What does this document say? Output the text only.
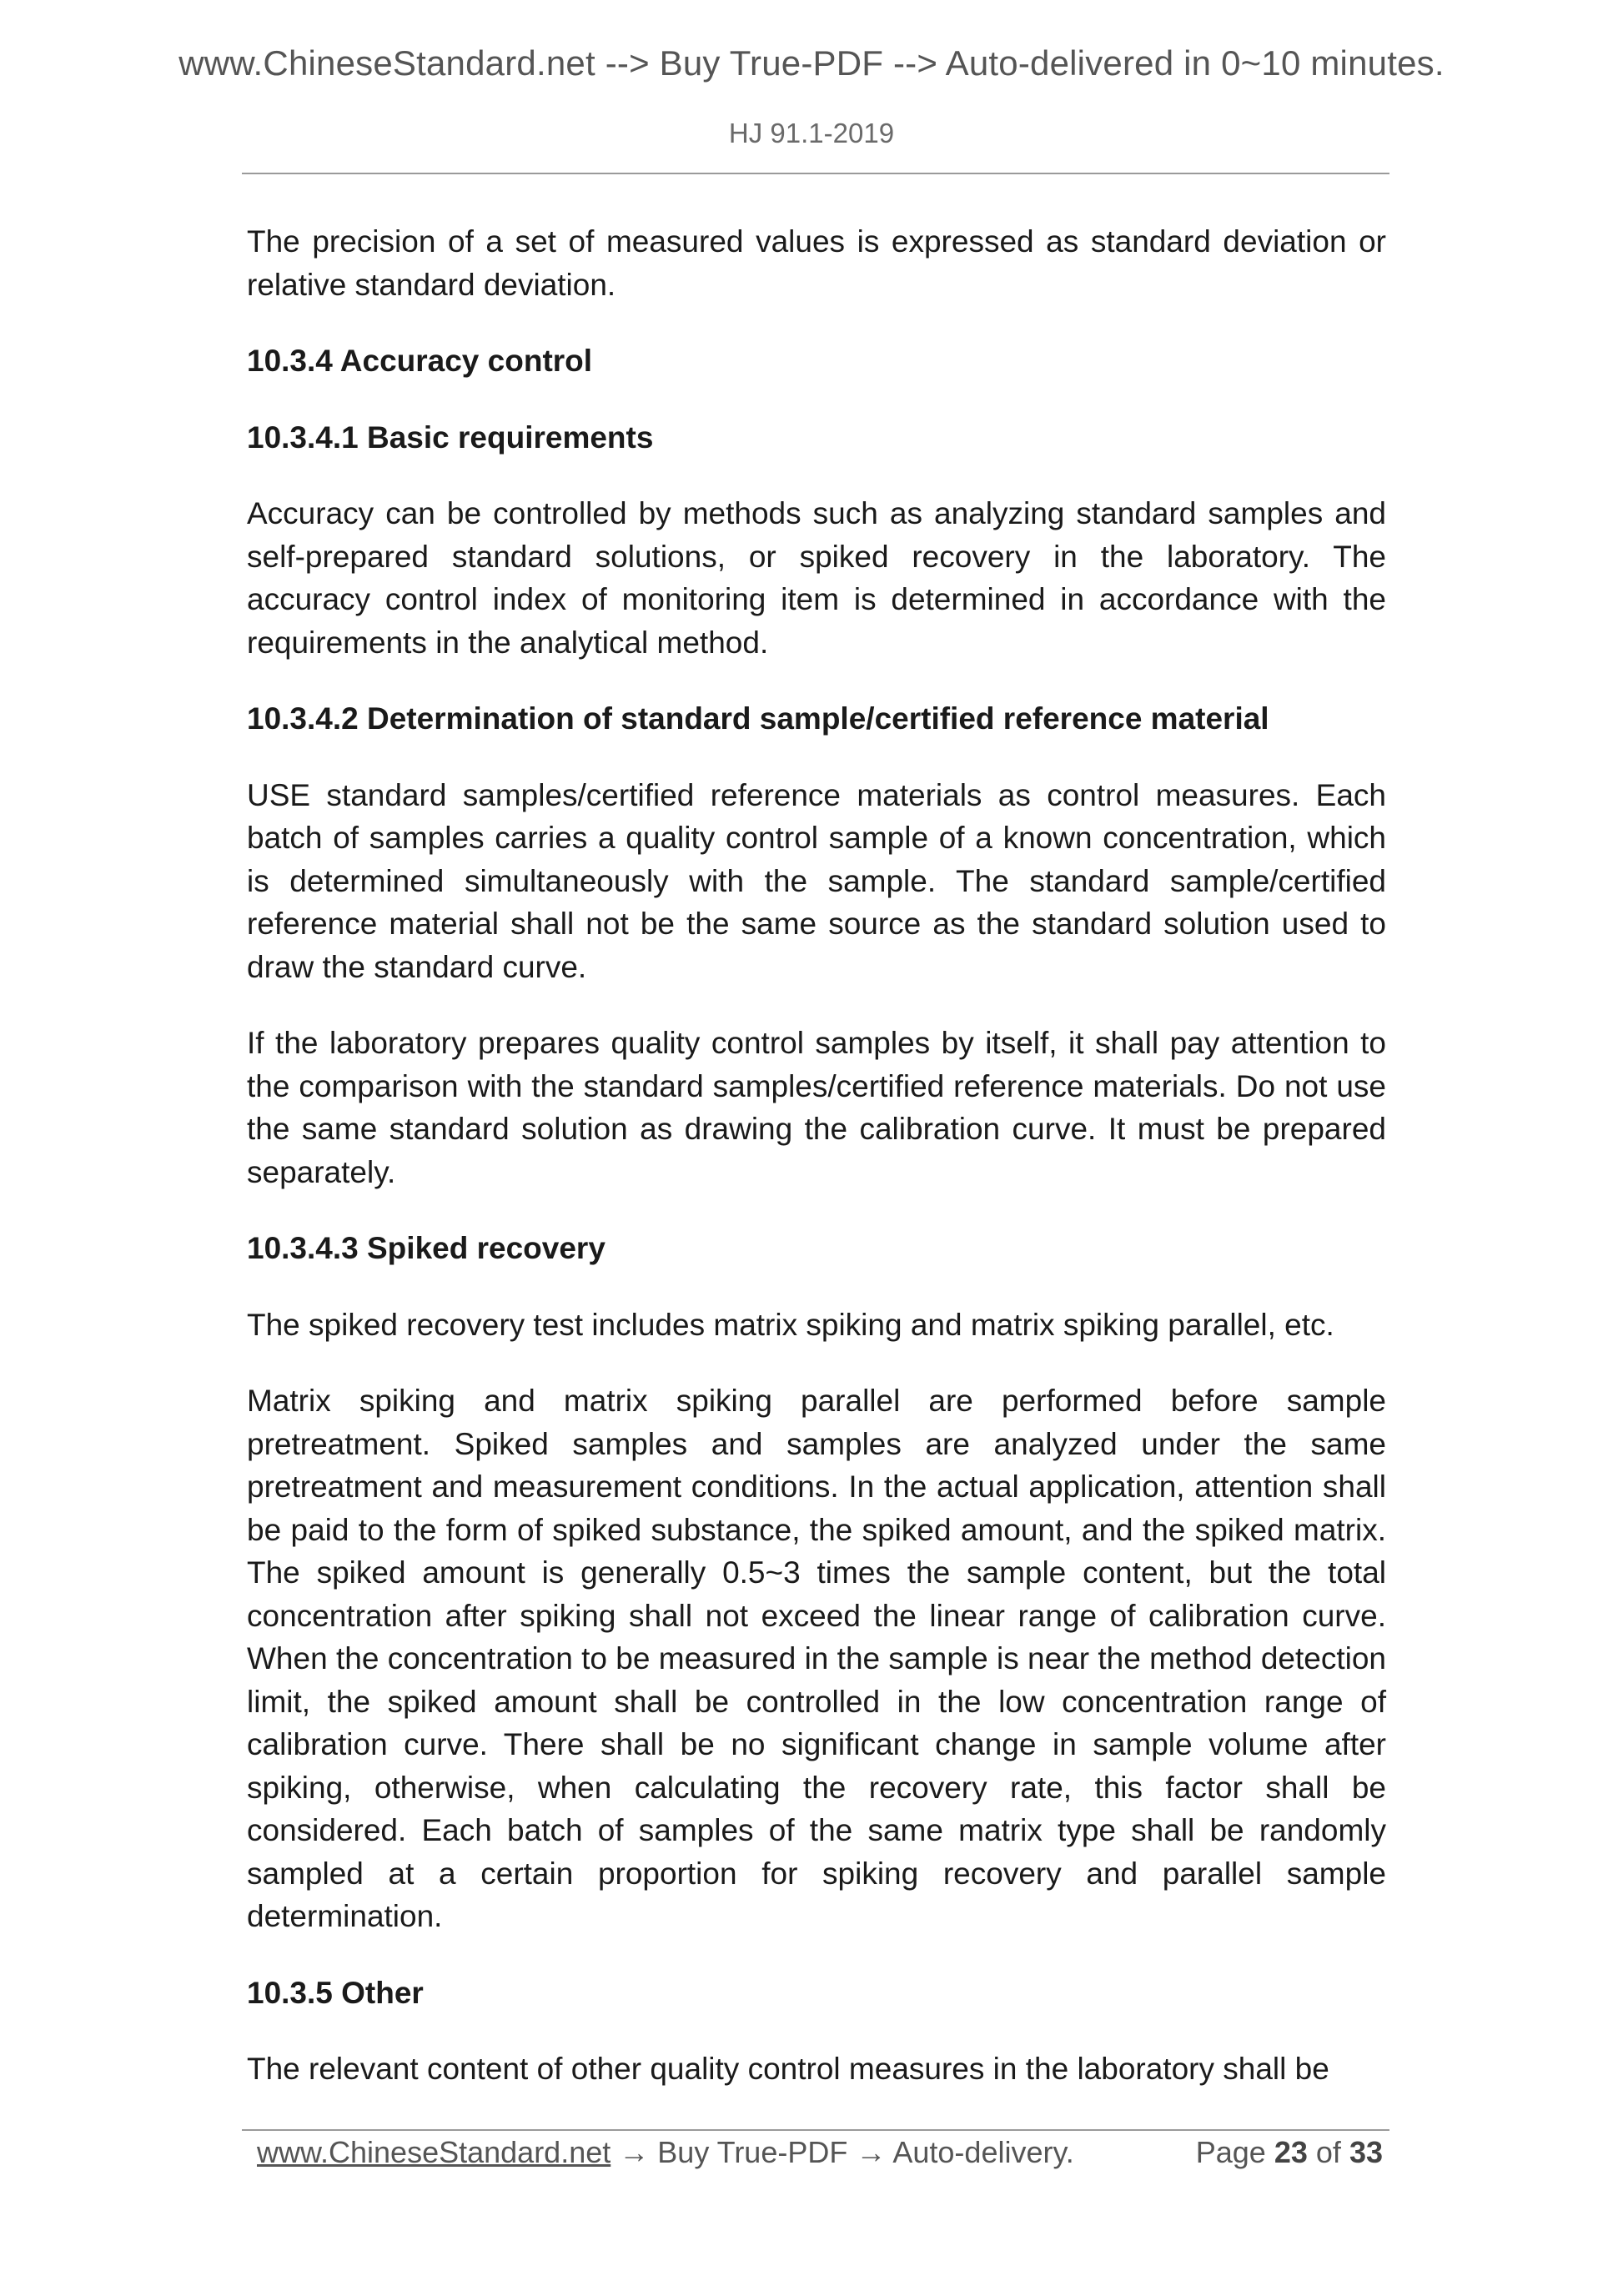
www.ChineseStandard.net --> Buy True-PDF --> Auto-delivered in 0~10 minutes.
HJ 91.1-2019

The precision of a set of measured values is expressed as standard deviation or relative standard deviation.

10.3.4 Accuracy control
10.3.4.1 Basic requirements

Accuracy can be controlled by methods such as analyzing standard samples and self-prepared standard solutions, or spiked recovery in the laboratory. The accuracy control index of monitoring item is determined in accordance with the requirements in the analytical method.

10.3.4.2 Determination of standard sample/certified reference material

USE standard samples/certified reference materials as control measures. Each batch of samples carries a quality control sample of a known concentration, which is determined simultaneously with the sample. The standard sample/certified reference material shall not be the same source as the standard solution used to draw the standard curve.

If the laboratory prepares quality control samples by itself, it shall pay attention to the comparison with the standard samples/certified reference materials. Do not use the same standard solution as drawing the calibration curve. It must be prepared separately.

10.3.4.3 Spiked recovery

The spiked recovery test includes matrix spiking and matrix spiking parallel, etc.

Matrix spiking and matrix spiking parallel are performed before sample pretreatment. Spiked samples and samples are analyzed under the same pretreatment and measurement conditions. In the actual application, attention shall be paid to the form of spiked substance, the spiked amount, and the spiked matrix. The spiked amount is generally 0.5~3 times the sample content, but the total concentration after spiking shall not exceed the linear range of calibration curve. When the concentration to be measured in the sample is near the method detection limit, the spiked amount shall be controlled in the low concentration range of calibration curve. There shall be no significant change in sample volume after spiking, otherwise, when calculating the recovery rate, this factor shall be considered. Each batch of samples of the same matrix type shall be randomly sampled at a certain proportion for spiking recovery and parallel sample determination.

10.3.5 Other

The relevant content of other quality control measures in the laboratory shall be

www.ChineseStandard.net → Buy True-PDF → Auto-delivery.	Page 23 of 33
